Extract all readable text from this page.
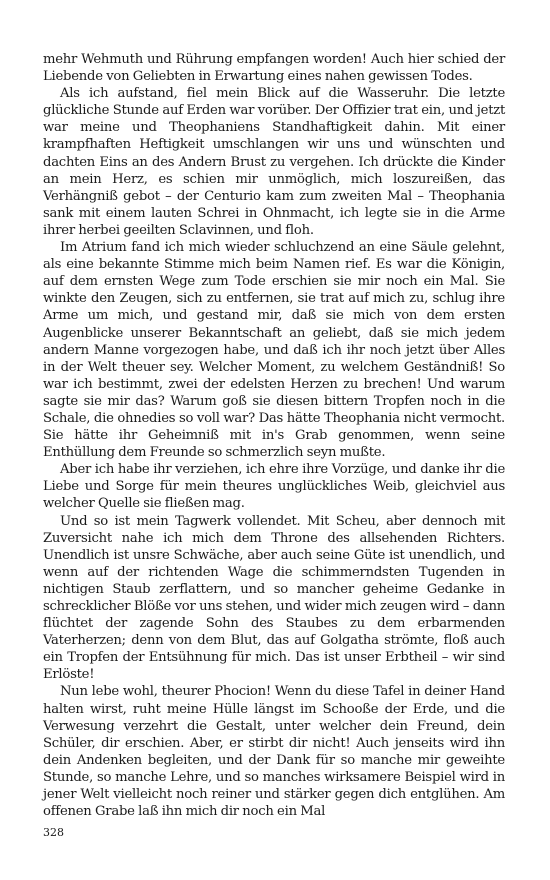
mehr Wehmuth und Rührung empfangen worden! Auch hier schied der Liebende von Geliebten in Erwartung eines nahen gewissen Todes.

Als ich aufstand, fiel mein Blick auf die Wasseruhr. Die letzte glückliche Stunde auf Erden war vorüber. Der Offizier trat ein, und jetzt war meine und Theophaniens Standhaftigkeit dahin. Mit einer krampfhaften Heftigkeit umschlangen wir uns und wünschten und dachten Eins an des Andern Brust zu vergehen. Ich drückte die Kinder an mein Herz, es schien mir unmöglich, mich loszureißen, das Verhängniß gebot – der Centurio kam zum zweiten Mal – Theophania sank mit einem lauten Schrei in Ohnmacht, ich legte sie in die Arme ihrer herbei geeilten Sclavinnen, und floh.

Im Atrium fand ich mich wieder schluchzend an eine Säule gelehnt, als eine bekannte Stimme mich beim Namen rief. Es war die Königin, auf dem ernsten Wege zum Tode erschien sie mir noch ein Mal. Sie winkte den Zeugen, sich zu entfernen, sie trat auf mich zu, schlug ihre Arme um mich, und gestand mir, daß sie mich von dem ersten Augenblicke unserer Bekanntschaft an geliebt, daß sie mich jedem andern Manne vorgezogen habe, und daß ich ihr noch jetzt über Alles in der Welt theuer sey. Welcher Moment, zu welchem Geständniß! So war ich bestimmt, zwei der edelsten Herzen zu brechen! Und warum sagte sie mir das? Warum goß sie diesen bittern Tropfen noch in die Schale, die ohnedies so voll war? Das hätte Theophania nicht vermocht. Sie hätte ihr Geheimniß mit in's Grab genommen, wenn seine Enthüllung dem Freunde so schmerzlich seyn mußte.

Aber ich habe ihr verziehen, ich ehre ihre Vorzüge, und danke ihr die Liebe und Sorge für mein theures unglückliches Weib, gleichviel aus welcher Quelle sie fließen mag.

Und so ist mein Tagwerk vollendet. Mit Scheu, aber dennoch mit Zuversicht nahe ich mich dem Throne des allsehenden Richters. Unendlich ist unsre Schwäche, aber auch seine Güte ist unendlich, und wenn auf der richtenden Wage die schimmerndsten Tugenden in nichtigen Staub zerflattern, und so mancher geheime Gedanke in schrecklicher Blöße vor uns stehen, und wider mich zeugen wird – dann flüchtet der zagende Sohn des Staubes zu dem erbarmenden Vaterherzen; denn von dem Blut, das auf Golgatha strömte, floß auch ein Tropfen der Entsühnung für mich. Das ist unser Erbtheil – wir sind Erlöste!

Nun lebe wohl, theurer Phocion! Wenn du diese Tafel in deiner Hand halten wirst, ruht meine Hülle längst im Schooße der Erde, und die Verwesung verzehrt die Gestalt, unter welcher dein Freund, dein Schüler, dir erschien. Aber, er stirbt dir nicht! Auch jenseits wird ihn dein Andenken begleiten, und der Dank für so manche mir geweihte Stunde, so manche Lehre, und so manches wirksamere Beispiel wird in jener Welt vielleicht noch reiner und stärker gegen dich entglühen. Am offenen Grabe laß ihn mich dir noch ein Mal

328
